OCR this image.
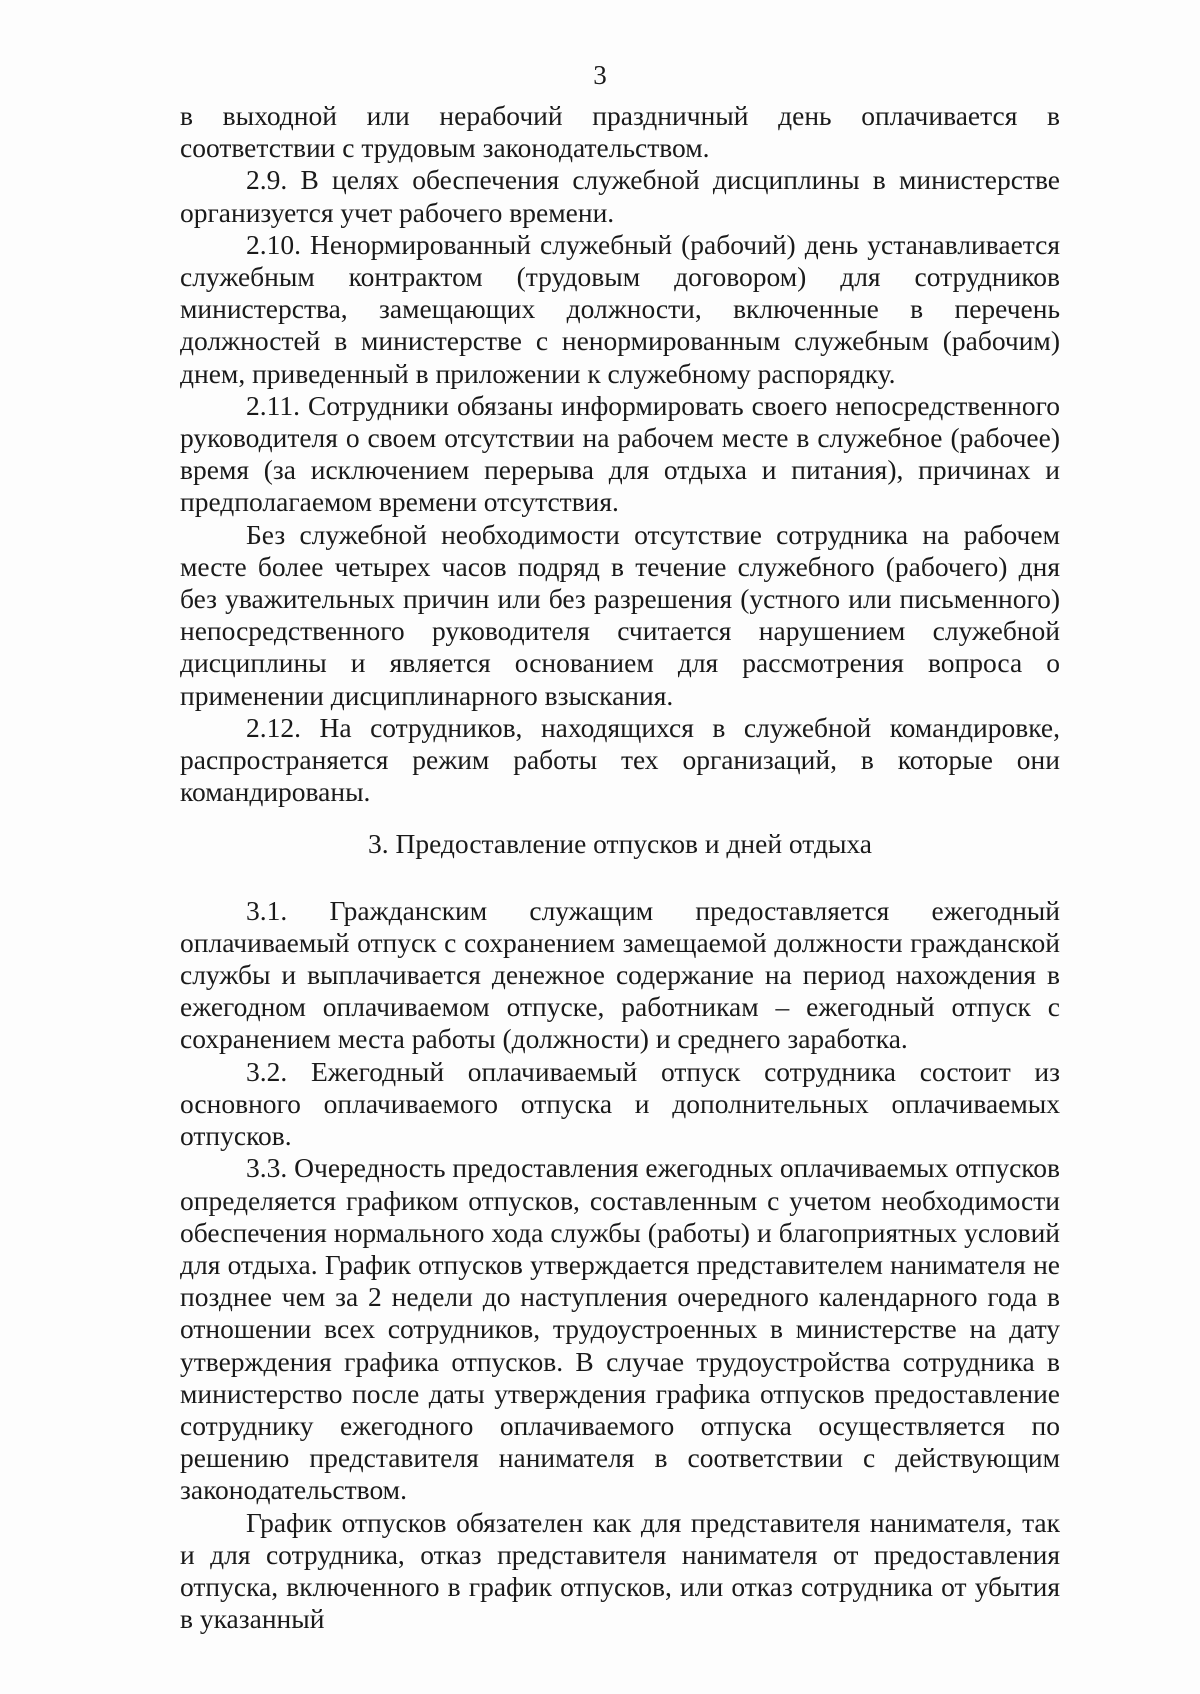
3

в выходной или нерабочий праздничный день оплачивается в соответствии с трудовым законодательством.

2.9. В целях обеспечения служебной дисциплины в министерстве организуется учет рабочего времени.

2.10. Ненормированный служебный (рабочий) день устанавливается служебным контрактом (трудовым договором) для сотрудников министерства, замещающих должности, включенные в перечень должностей в министерстве с ненормированным служебным (рабочим) днем, приведенный в приложении к служебному распорядку.

2.11. Сотрудники обязаны информировать своего непосредственного руководителя о своем отсутствии на рабочем месте в служебное (рабочее) время (за исключением перерыва для отдыха и питания), причинах и предполагаемом времени отсутствия.

Без служебной необходимости отсутствие сотрудника на рабочем месте более четырех часов подряд в течение служебного (рабочего) дня без уважительных причин или без разрешения (устного или письменного) непосредственного руководителя считается нарушением служебной дисциплины и является основанием для рассмотрения вопроса о применении дисциплинарного взыскания.

2.12. На сотрудников, находящихся в служебной командировке, распространяется режим работы тех организаций, в которые они командированы.

3. Предоставление отпусков и дней отдыха

3.1. Гражданским служащим предоставляется ежегодный оплачиваемый отпуск с сохранением замещаемой должности гражданской службы и выплачивается денежное содержание на период нахождения в ежегодном оплачиваемом отпуске, работникам – ежегодный отпуск с сохранением места работы (должности) и среднего заработка.

3.2. Ежегодный оплачиваемый отпуск сотрудника состоит из основного оплачиваемого отпуска и дополнительных оплачиваемых отпусков.

3.3. Очередность предоставления ежегодных оплачиваемых отпусков определяется графиком отпусков, составленным с учетом необходимости обеспечения нормального хода службы (работы) и благоприятных условий для отдыха. График отпусков утверждается представителем нанимателя не позднее чем за 2 недели до наступления очередного календарного года в отношении всех сотрудников, трудоустроенных в министерстве на дату утверждения графика отпусков. В случае трудоустройства сотрудника в министерство после даты утверждения графика отпусков предоставление сотруднику ежегодного оплачиваемого отпуска осуществляется по решению представителя нанимателя в соответствии с действующим законодательством.

График отпусков обязателен как для представителя нанимателя, так и для сотрудника, отказ представителя нанимателя от предоставления отпуска, включенного в график отпусков, или отказ сотрудника от убытия в указанный
